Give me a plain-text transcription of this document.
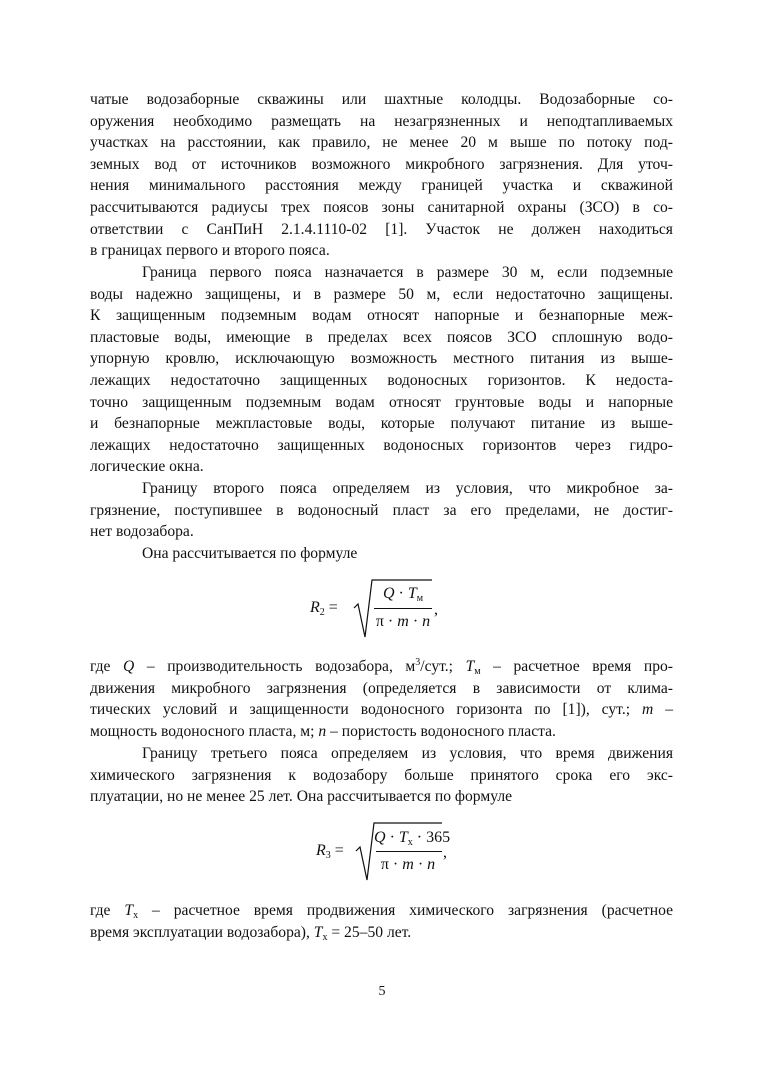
чатые водозаборные скважины или шахтные колодцы. Водозаборные со-
оружения необходимо размещать на незагрязненных и неподтапливаемых
участках на расстоянии, как правило, не менее 20 м выше по потоку под-
земных вод от источников возможного микробного загрязнения. Для уточ-
нения минимального расстояния между границей участка и скважиной
рассчитываются радиусы трех поясов зоны санитарной охраны (ЗСО) в со-
ответствии с СанПиН 2.1.4.1110-02 [1]. Участок не должен находиться
в границах первого и второго пояса.
Граница первого пояса назначается в размере 30 м, если подземные
воды надежно защищены, и в размере 50 м, если недостаточно защищены.
К защищенным подземным водам относят напорные и безнапорные меж-
пластовые воды, имеющие в пределах всех поясов ЗСО сплошную водо-
упорную кровлю, исключающую возможность местного питания из выше-
лежащих недостаточно защищенных водоносных горизонтов. К недоста-
точно защищенным подземным водам относят грунтовые воды и напорные
и безнапорные межпластовые воды, которые получают питание из выше-
лежащих недостаточно защищенных водоносных горизонтов через гидро-
логические окна.
Границу второго пояса определяем из условия, что микробное за-
грязнение, поступившее в водоносный пласт за его пределами, не достиг-
нет водозабора.
Она рассчитывается по формуле
$R_2$ =
$Q \cdot T_м$
π · m · n
,
где Q – производительность водозабора, $м^3$/сут.; $T_м$ – расчетное время про-
движения микробного загрязнения (определяется в зависимости от клима-
тических условий и защищенности водоносного горизонта по [1]), сут.; m –
мощность водоносного пласта, м; n – пористость водоносного пласта.
Границу третьего пояса определяем из условия, что время движения
химического загрязнения к водозабору больше принятого срока его экс-
плуатации, но не менее 25 лет. Она рассчитывается по формуле
$R_3$ =
$Q \cdot T_х \cdot 365$
π · m · n
,
где $T_х$ – расчетное время продвижения химического загрязнения (расчетное
время эксплуатации водозабора), $T_х = 25-50$ лет.
5
